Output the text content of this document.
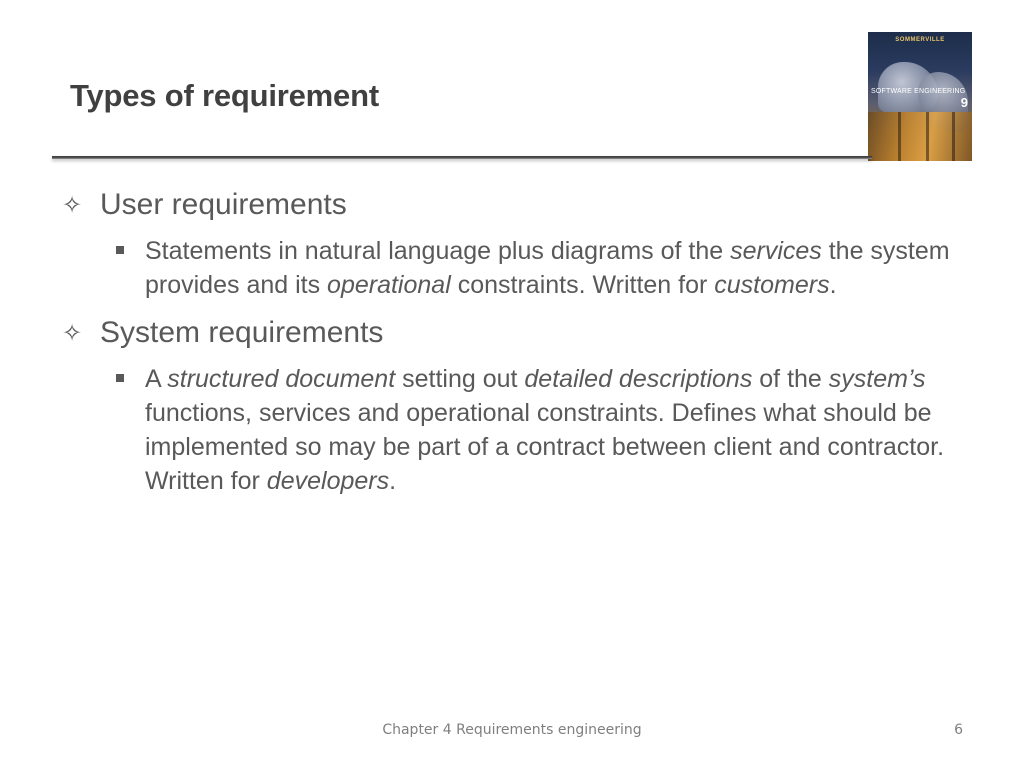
Types of requirement
SOMMERVILLE
SOFTWARE ENGINEERING
9
✧ User requirements
Statements in natural language plus diagrams of the services the system provides and its operational constraints. Written for customers.
✧ System requirements
A structured document setting out detailed descriptions of the system’s functions, services and operational constraints. Defines what should be implemented so may be part of a contract between client and contractor. Written for developers.
Chapter 4 Requirements engineering	6
